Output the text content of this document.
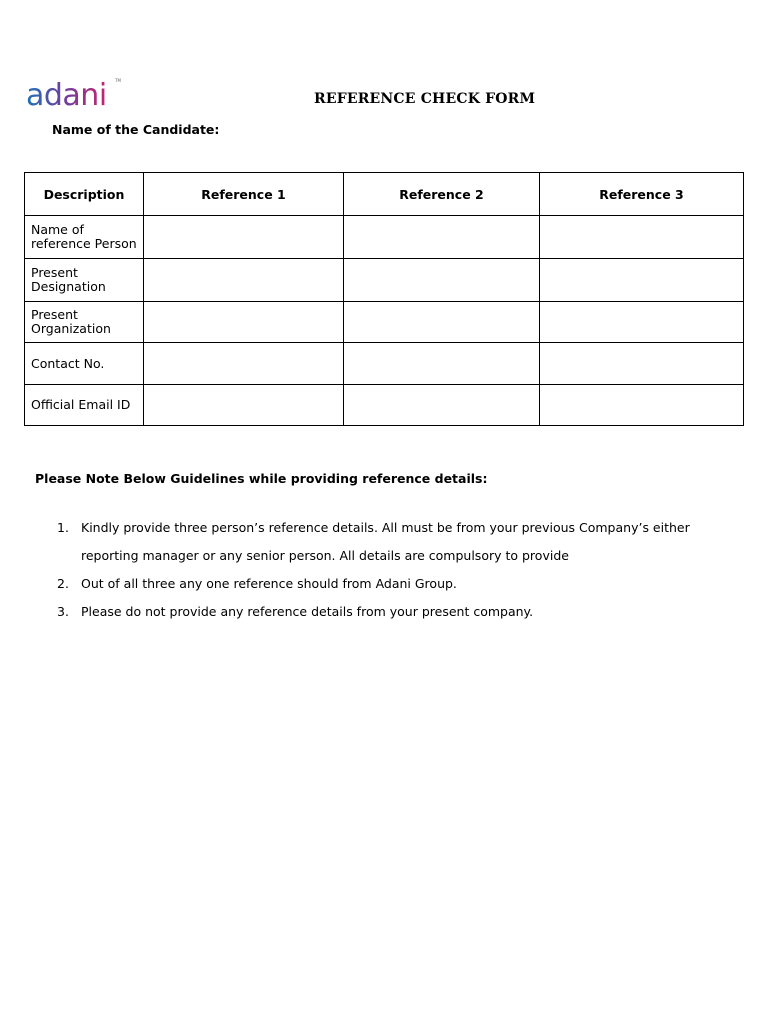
adani TM
REFERENCE CHECK FORM
Name of the Candidate:
Description	Reference 1	Reference 2	Reference 3
Name of reference Person			
Present Designation			
Present Organization			
Contact No.			
Official Email ID			
Please Note Below Guidelines while providing reference details:
1. Kindly provide three person’s reference details. All must be from your previous Company’s either reporting manager or any senior person. All details are compulsory to provide
2. Out of all three any one reference should from Adani Group.
3. Please do not provide any reference details from your present company.
